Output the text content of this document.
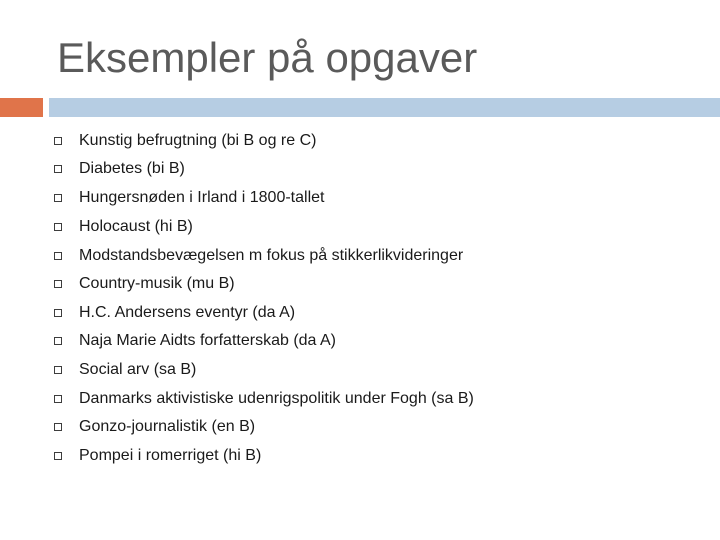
Eksempler på opgaver
Kunstig befrugtning (bi B og re C)
Diabetes (bi B)
Hungersnøden i Irland i 1800-tallet
Holocaust (hi B)
Modstandsbevægelsen m fokus på stikkerlikvideringer
Country-musik (mu B)
H.C. Andersens eventyr (da A)
Naja Marie Aidts forfatterskab (da A)
Social arv (sa B)
Danmarks aktivistiske udenrigspolitik under Fogh (sa B)
Gonzo-journalistik (en B)
Pompei i romerriget (hi B)
